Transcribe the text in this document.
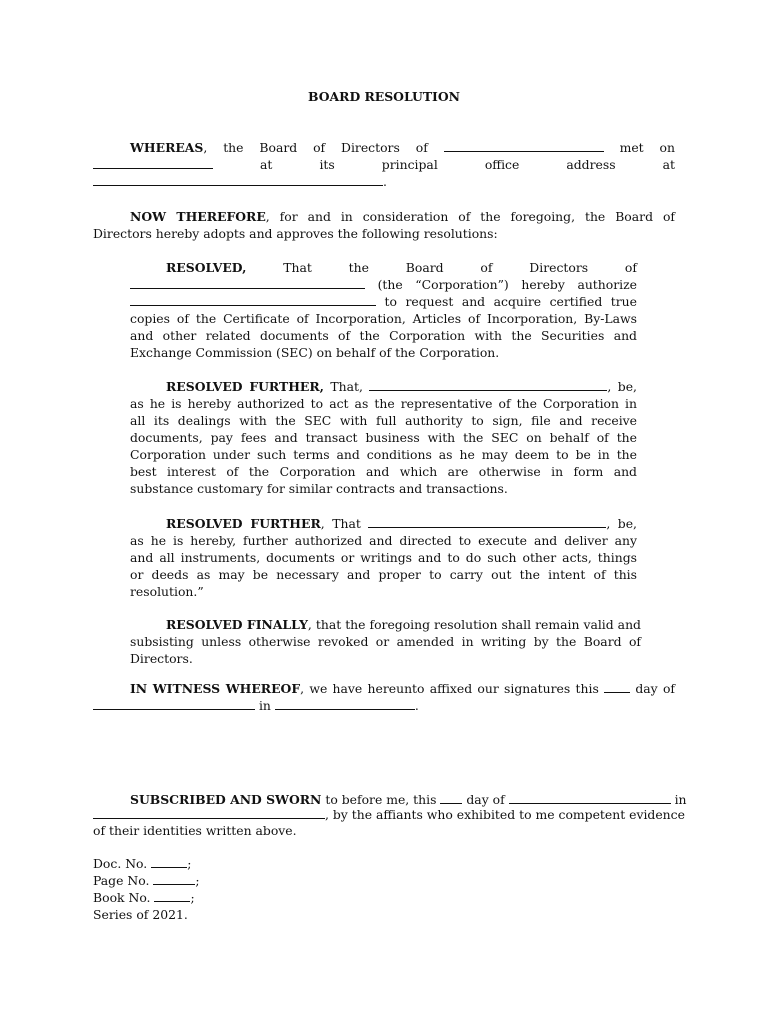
BOARD RESOLUTION
WHEREAS, the Board of Directors of	met on
at its principal office address at
.
NOW THEREFORE, for and in consideration of the foregoing, the Board of
Directors hereby adopts and approves the following resolutions:
RESOLVED,	That the Board of Directors of
(the “Corporation”) hereby authorize
to request and acquire certified true
copies of the Certificate of Incorporation, Articles of Incorporation, By-Laws
and other related documents of the Corporation with the Securities and
Exchange Commission (SEC) on behalf of the Corporation.
RESOLVED FURTHER, That,	, be,
as he is hereby authorized to act as the representative of the Corporation in
all its dealings with the SEC with full authority to sign, file and receive
documents, pay fees and transact business with the SEC on behalf of the
Corporation under such terms and conditions as he may deem to be in the
best interest of the Corporation and which are otherwise in form and
substance customary for similar contracts and transactions.
RESOLVED FURTHER, That	, be,
as he is hereby, further authorized and directed to execute and deliver any
and all instruments, documents or writings and to do such other acts, things
or deeds as may be necessary and proper to carry out the intent of this
resolution.”
RESOLVED FINALLY, that the foregoing resolution shall remain valid and
subsisting unless otherwise revoked or amended in writing by the Board of
Directors.
IN WITNESS WHEREOF, we have hereunto affixed our signatures this	day of
in	.
SUBSCRIBED AND SWORN to before me, this day of	in
, by the affiants who exhibited to me competent evidence
of their identities written above.
Doc. No.	;
Page No.	;
Book No.	;
Series of 2021.
